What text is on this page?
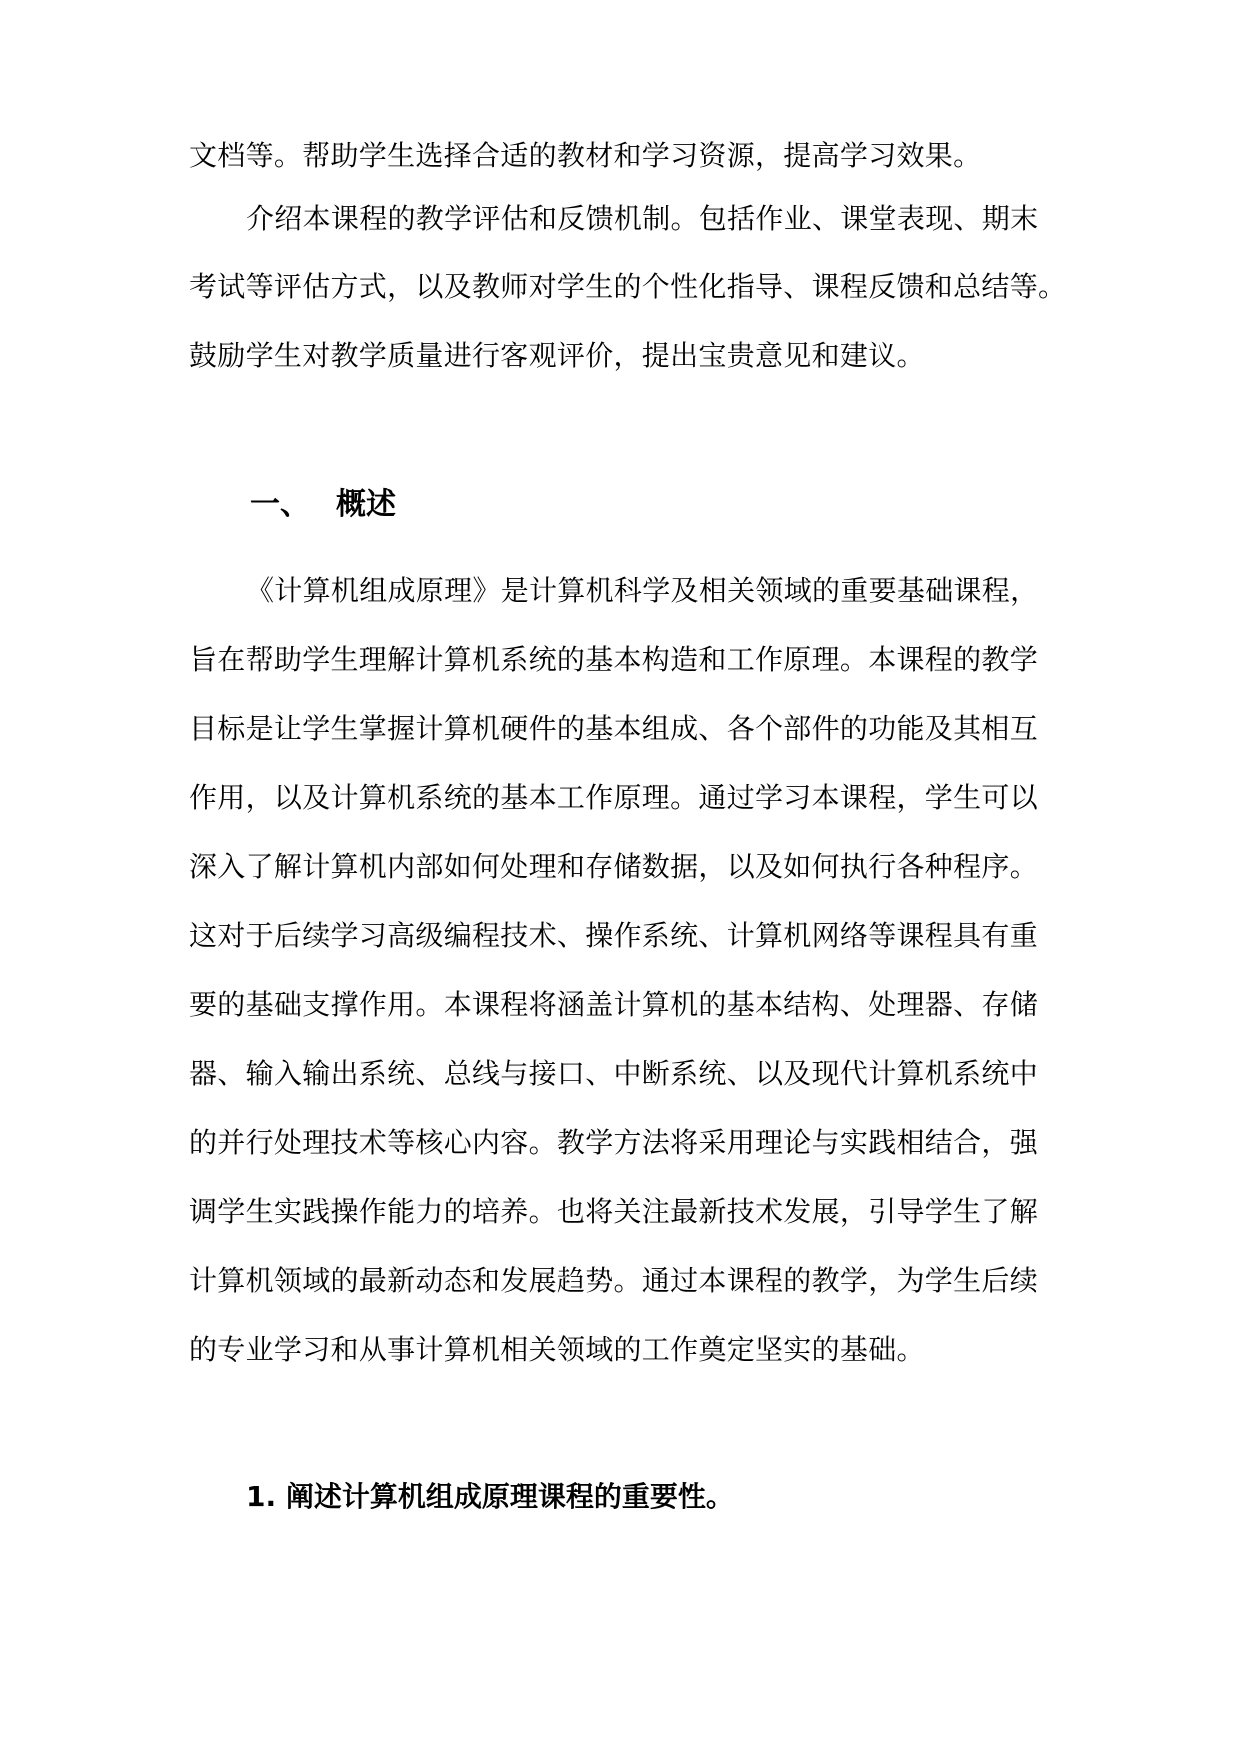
文档等。帮助学生选择合适的教材和学习资源，提高学习效果。
介绍本课程的教学评估和反馈机制。包括作业、课堂表现、期末
考试等评估方式，以及教师对学生的个性化指导、课程反馈和总结等。
鼓励学生对教学质量进行客观评价，提出宝贵意见和建议。
一、 概述
《计算机组成原理》是计算机科学及相关领域的重要基础课程，
旨在帮助学生理解计算机系统的基本构造和工作原理。本课程的教学
目标是让学生掌握计算机硬件的基本组成、各个部件的功能及其相互
作用，以及计算机系统的基本工作原理。通过学习本课程，学生可以
深入了解计算机内部如何处理和存储数据，以及如何执行各种程序。
这对于后续学习高级编程技术、操作系统、计算机网络等课程具有重
要的基础支撑作用。本课程将涵盖计算机的基本结构、处理器、存储
器、输入输出系统、总线与接口、中断系统、以及现代计算机系统中
的并行处理技术等核心内容。教学方法将采用理论与实践相结合，强
调学生实践操作能力的培养。也将关注最新技术发展，引导学生了解
计算机领域的最新动态和发展趋势。通过本课程的教学，为学生后续
的专业学习和从事计算机相关领域的工作奠定坚实的基础。
1. 阐述计算机组成原理课程的重要性。
